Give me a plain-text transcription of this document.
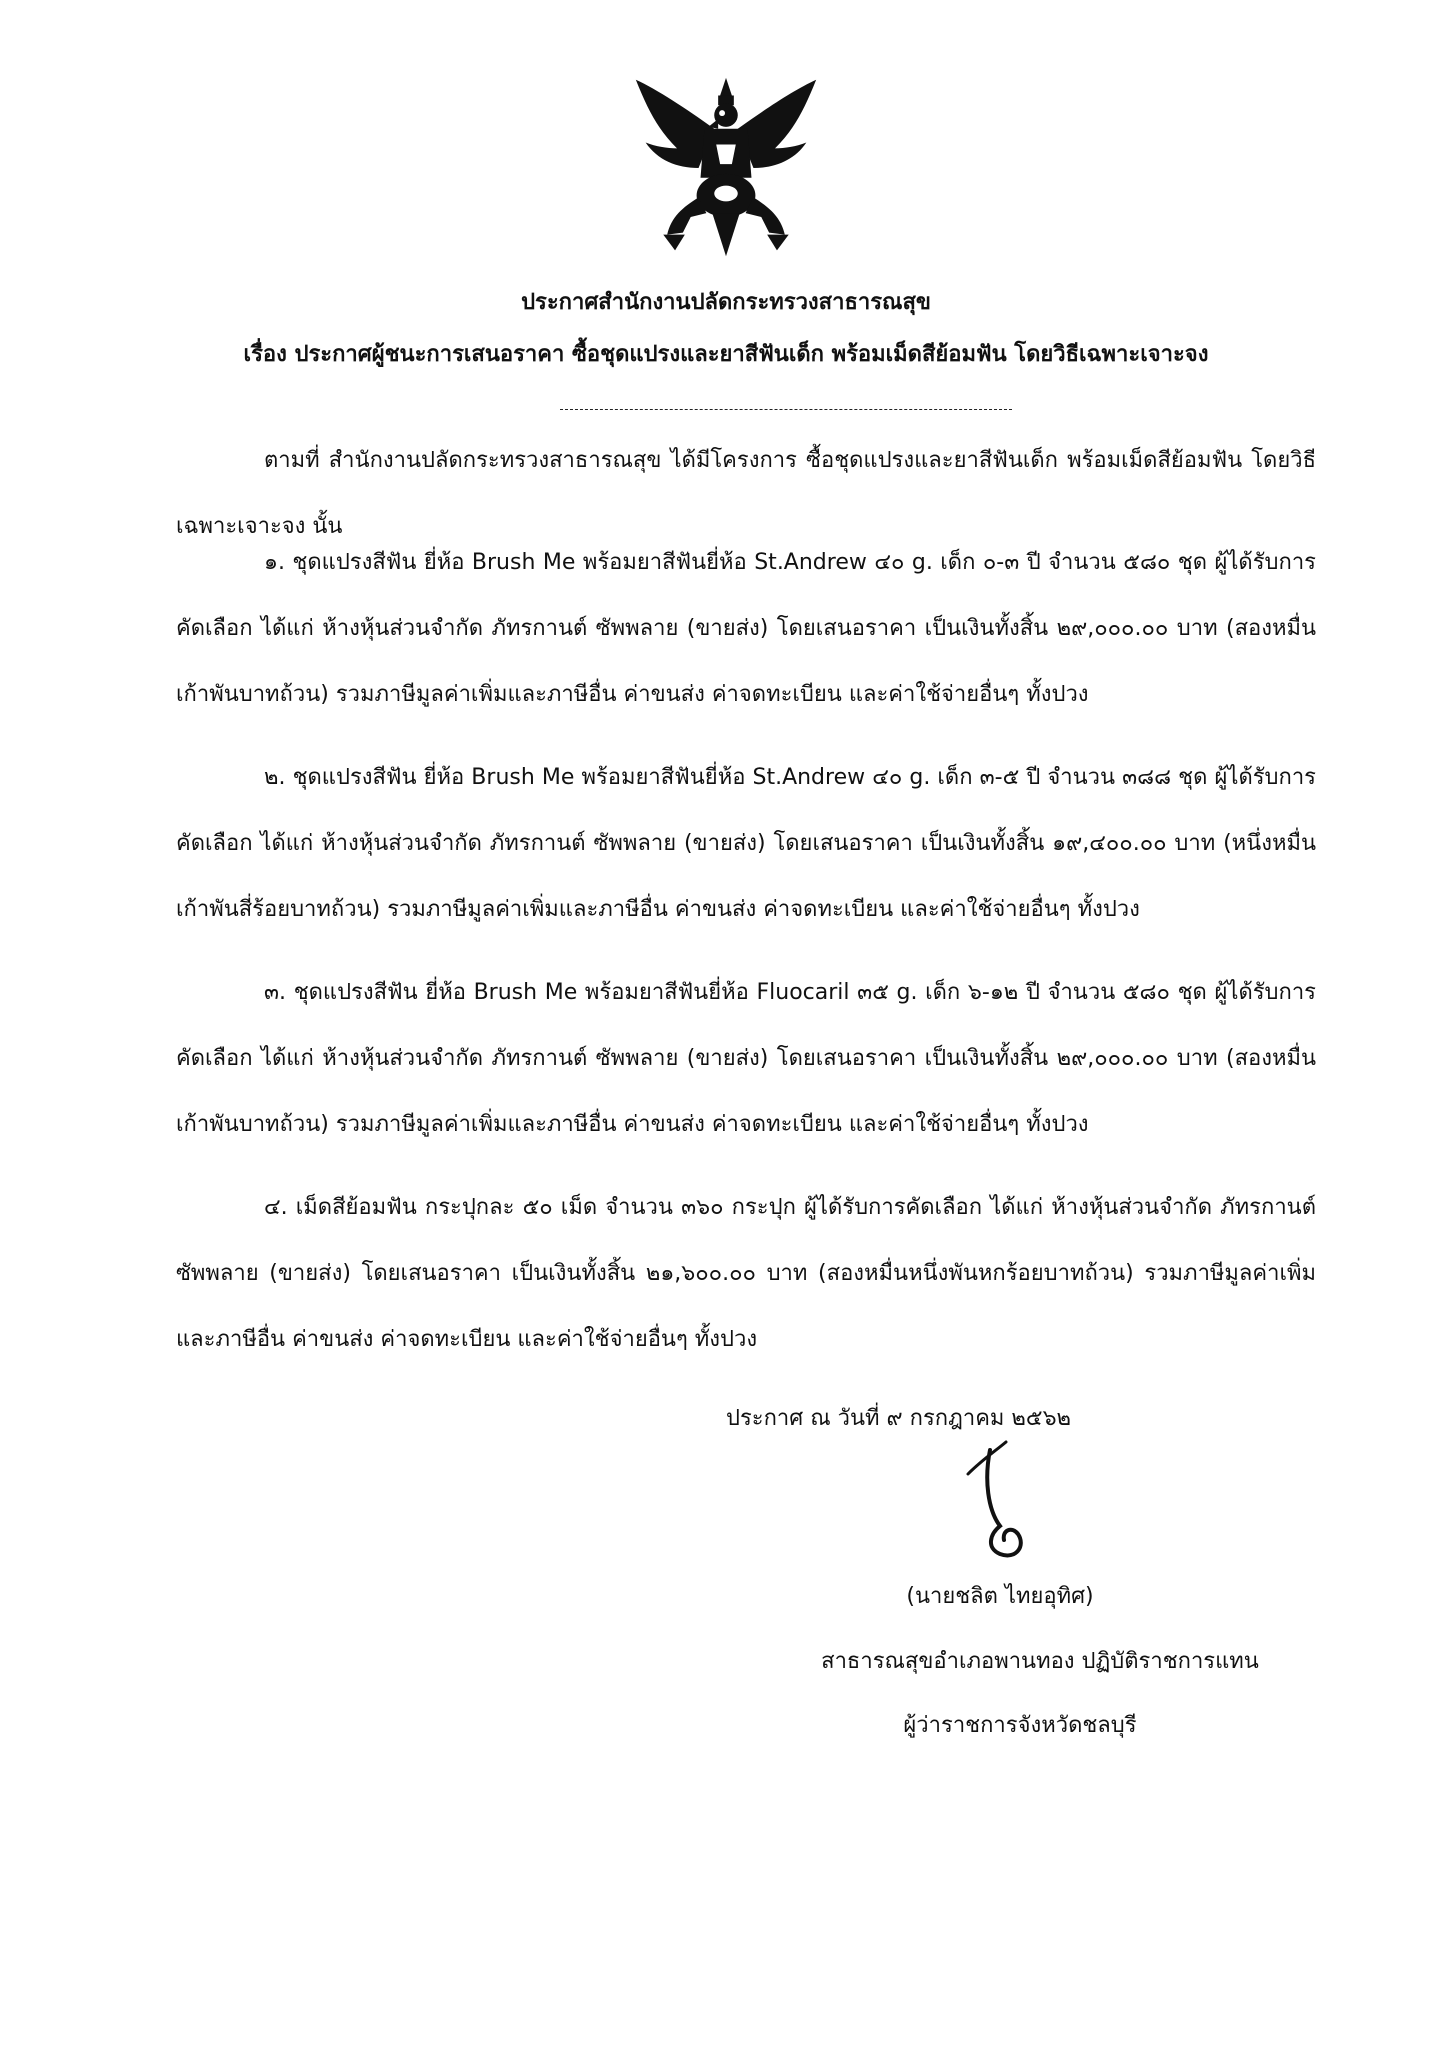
ประกาศสำนักงานปลัดกระทรวงสาธารณสุข
เรื่อง ประกาศผู้ชนะการเสนอราคา ซื้อชุดแปรงและยาสีฟันเด็ก พร้อมเม็ดสีย้อมฟัน โดยวิธีเฉพาะเจาะจง
ตามที่ สำนักงานปลัดกระทรวงสาธารณสุข ได้มีโครงการ ซื้อชุดแปรงและยาสีฟันเด็ก พร้อมเม็ดสีย้อมฟัน โดยวิธีเฉพาะเจาะจง นั้น
๑. ชุดแปรงสีฟัน ยี่ห้อ Brush Me พร้อมยาสีฟันยี่ห้อ St.Andrew ๔๐ g. เด็ก ๐-๓ ปี จำนวน ๕๘๐ ชุด ผู้ได้รับการคัดเลือก ได้แก่ ห้างหุ้นส่วนจำกัด ภัทรกานต์ ซัพพลาย (ขายส่ง) โดยเสนอราคา เป็นเงินทั้งสิ้น ๒๙,๐๐๐.๐๐ บาท (สองหมื่นเก้าพันบาทถ้วน) รวมภาษีมูลค่าเพิ่มและภาษีอื่น ค่าขนส่ง ค่าจดทะเบียน และค่าใช้จ่ายอื่นๆ ทั้งปวง
๒. ชุดแปรงสีฟัน ยี่ห้อ Brush Me พร้อมยาสีฟันยี่ห้อ St.Andrew ๔๐ g. เด็ก ๓-๕ ปี จำนวน ๓๘๘ ชุด ผู้ได้รับการคัดเลือก ได้แก่ ห้างหุ้นส่วนจำกัด ภัทรกานต์ ซัพพลาย (ขายส่ง) โดยเสนอราคา เป็นเงินทั้งสิ้น ๑๙,๔๐๐.๐๐ บาท (หนึ่งหมื่นเก้าพันสี่ร้อยบาทถ้วน) รวมภาษีมูลค่าเพิ่มและภาษีอื่น ค่าขนส่ง ค่าจดทะเบียน และค่าใช้จ่ายอื่นๆ ทั้งปวง
๓. ชุดแปรงสีฟัน ยี่ห้อ Brush Me พร้อมยาสีฟันยี่ห้อ Fluocaril ๓๕ g. เด็ก ๖-๑๒ ปี จำนวน ๕๘๐ ชุด ผู้ได้รับการคัดเลือก ได้แก่ ห้างหุ้นส่วนจำกัด ภัทรกานต์ ซัพพลาย (ขายส่ง) โดยเสนอราคา เป็นเงินทั้งสิ้น ๒๙,๐๐๐.๐๐ บาท (สองหมื่นเก้าพันบาทถ้วน) รวมภาษีมูลค่าเพิ่มและภาษีอื่น ค่าขนส่ง ค่าจดทะเบียน และค่าใช้จ่ายอื่นๆ ทั้งปวง
๔. เม็ดสีย้อมฟัน กระปุกละ ๕๐ เม็ด จำนวน ๓๖๐ กระปุก ผู้ได้รับการคัดเลือก ได้แก่ ห้างหุ้นส่วนจำกัด ภัทรกานต์ ซัพพลาย (ขายส่ง) โดยเสนอราคา เป็นเงินทั้งสิ้น ๒๑,๖๐๐.๐๐ บาท (สองหมื่นหนึ่งพันหกร้อยบาทถ้วน) รวมภาษีมูลค่าเพิ่มและภาษีอื่น ค่าขนส่ง ค่าจดทะเบียน และค่าใช้จ่ายอื่นๆ ทั้งปวง
ประกาศ ณ วันที่ ๙ กรกฎาคม ๒๕๖๒
(นายชลิต ไทยอุทิศ)
สาธารณสุขอำเภอพานทอง ปฏิบัติราชการแทน
ผู้ว่าราชการจังหวัดชลบุรี
